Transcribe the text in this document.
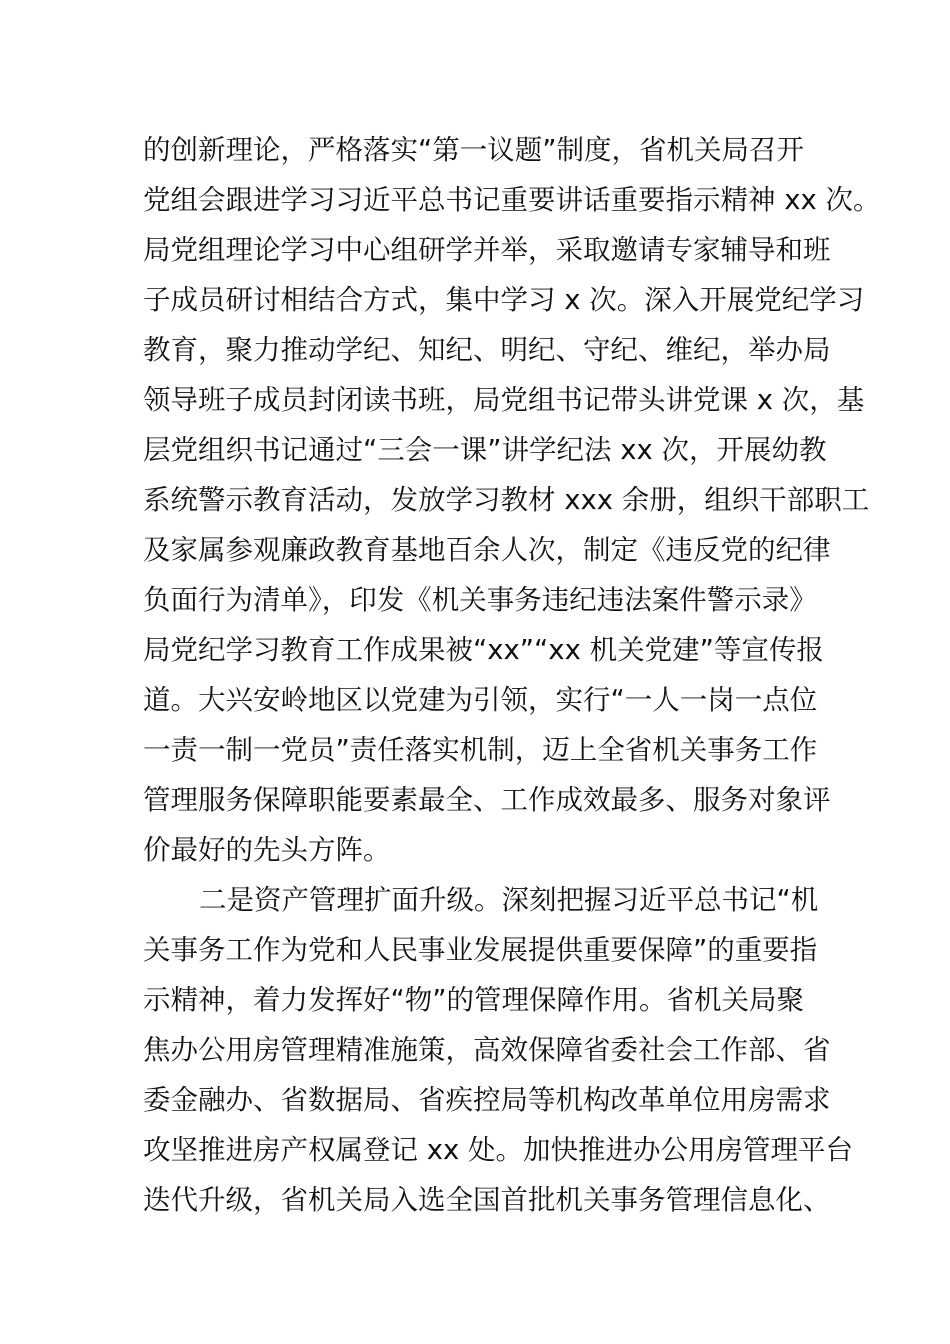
的创新理论，严格落实“第一议题”制度，省机关局召开
党组会跟进学习习近平总书记重要讲话重要指示精神 xx 次。
局党组理论学习中心组研学并举，采取邀请专家辅导和班
子成员研讨相结合方式，集中学习 x 次。深入开展党纪学习
教育，聚力推动学纪、知纪、明纪、守纪、维纪，举办局
领导班子成员封闭读书班，局党组书记带头讲党课 x 次，基
层党组织书记通过“三会一课”讲学纪法 xx 次，开展幼教
系统警示教育活动，发放学习教材 xxx 余册，组织干部职工
及家属参观廉政教育基地百余人次，制定《违反党的纪律
负面行为清单》，印发《机关事务违纪违法案件警示录》
局党纪学习教育工作成果被“xx”“xx 机关党建”等宣传报
道。大兴安岭地区以党建为引领，实行“一人一岗一点位
一责一制一党员”责任落实机制，迈上全省机关事务工作
管理服务保障职能要素最全、工作成效最多、服务对象评
价最好的先头方阵。
二是资产管理扩面升级。深刻把握习近平总书记“机
关事务工作为党和人民事业发展提供重要保障”的重要指
示精神，着力发挥好“物”的管理保障作用。省机关局聚
焦办公用房管理精准施策，高效保障省委社会工作部、省
委金融办、省数据局、省疾控局等机构改革单位用房需求
攻坚推进房产权属登记 xx 处。加快推进办公用房管理平台
迭代升级，省机关局入选全国首批机关事务管理信息化、
